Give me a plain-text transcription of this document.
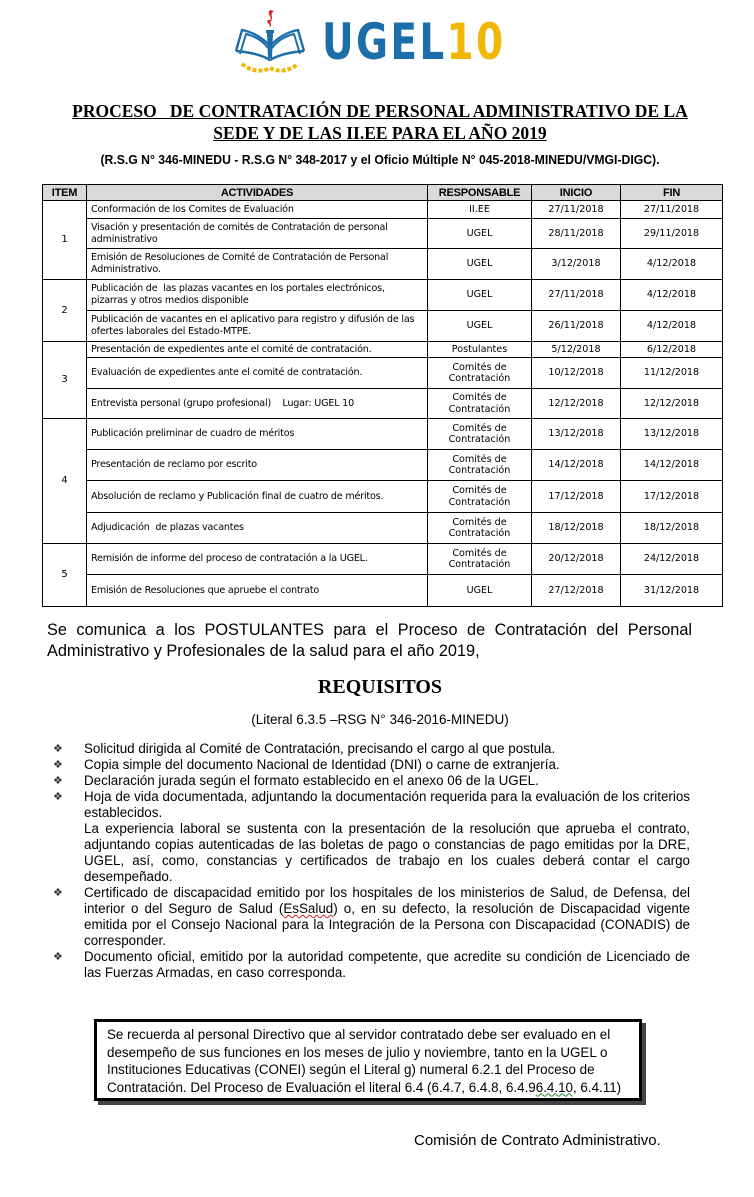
UGEL10
PROCESO   DE CONTRATACIÓN DE PERSONAL ADMINISTRATIVO DE LA
SEDE Y DE LAS II.EE PARA EL AÑO 2019
(R.S.G N° 346-MINEDU - R.S.G N° 348-2017 y el Oficio Múltiple N° 045-2018-MINEDU/VMGI-DIGC).
ITEM	ACTIVIDADES	RESPONSABLE	INICIO	FIN
1	Conformación de los Comites de Evaluación	II.EE	27/11/2018	27/11/2018
	Visación y presentación de comités de Contratación de personal administrativo	UGEL	28/11/2018	29/11/2018
	Emisión de Resoluciones de Comité de Contratación de Personal Administrativo.	UGEL	3/12/2018	4/12/2018
2	Publicación de  las plazas vacantes en los portales electrónicos, pizarras y otros medios disponible	UGEL	27/11/2018	4/12/2018
	Publicación de vacantes en el aplicativo para registro y difusión de las ofertes laborales del Estado-MTPE.	UGEL	26/11/2018	4/12/2018
3	Presentación de expedientes ante el comité de contratación.	Postulantes	5/12/2018	6/12/2018
	Evaluación de expedientes ante el comité de contratación.	Comités de Contratación	10/12/2018	11/12/2018
	Entrevista personal (grupo profesional)    Lugar: UGEL 10	Comités de Contratación	12/12/2018	12/12/2018
4	Publicación preliminar de cuadro de méritos	Comités de Contratación	13/12/2018	13/12/2018
	Presentación de reclamo por escrito	Comités de Contratación	14/12/2018	14/12/2018
	Absolución de reclamo y Publicación final de cuatro de méritos.	Comités de Contratación	17/12/2018	17/12/2018
	Adjudicación  de plazas vacantes	Comités de Contratación	18/12/2018	18/12/2018
5	Remisión de informe del proceso de contratación a la UGEL.	Comités de Contratación	20/12/2018	24/12/2018
	Emisión de Resoluciones que apruebe el contrato	UGEL	27/12/2018	31/12/2018
Se comunica a los POSTULANTES para el Proceso de Contratación del Personal Administrativo y Profesionales de la salud para el año 2019,
REQUISITOS
(Literal 6.3.5 –RSG N° 346-2016-MINEDU)
❖ Solicitud dirigida al Comité de Contratación, precisando el cargo al que postula.
❖ Copia simple del documento Nacional de Identidad (DNI) o carne de extranjería.
❖ Declaración jurada según el formato establecido en el anexo 06 de la UGEL.
❖ Hoja de vida documentada, adjuntando la documentación requerida para la evaluación de los criterios establecidos.

La experiencia laboral se sustenta con la presentación de la resolución que aprueba el contrato, adjuntando copias autenticadas de las boletas de pago o constancias de pago emitidas por la DRE, UGEL, así, como, constancias y certificados de trabajo en los cuales deberá contar el cargo desempeñado.

❖ Certificado de discapacidad emitido por los hospitales de los ministerios de Salud, de Defensa, del interior o del Seguro de Salud (EsSalud) o, en su defecto, la resolución de Discapacidad vigente emitida por el Consejo Nacional para la Integración de la Persona con Discapacidad (CONADIS) de corresponder.
❖ Documento oficial, emitido por la autoridad competente, que acredite su condición de Licenciado de las Fuerzas Armadas, en caso corresponda.
Se recuerda al personal Directivo que al servidor contratado debe ser evaluado en el desempeño de sus funciones en los meses de julio y noviembre, tanto en la UGEL o Instituciones Educativas (CONEI) según el Literal g) numeral 6.2.1 del Proceso de Contratación. Del Proceso de Evaluación el literal 6.4 (6.4.7, 6.4.8, 6.4.96.4.10, 6.4.11)
Comisión de Contrato Administrativo.
